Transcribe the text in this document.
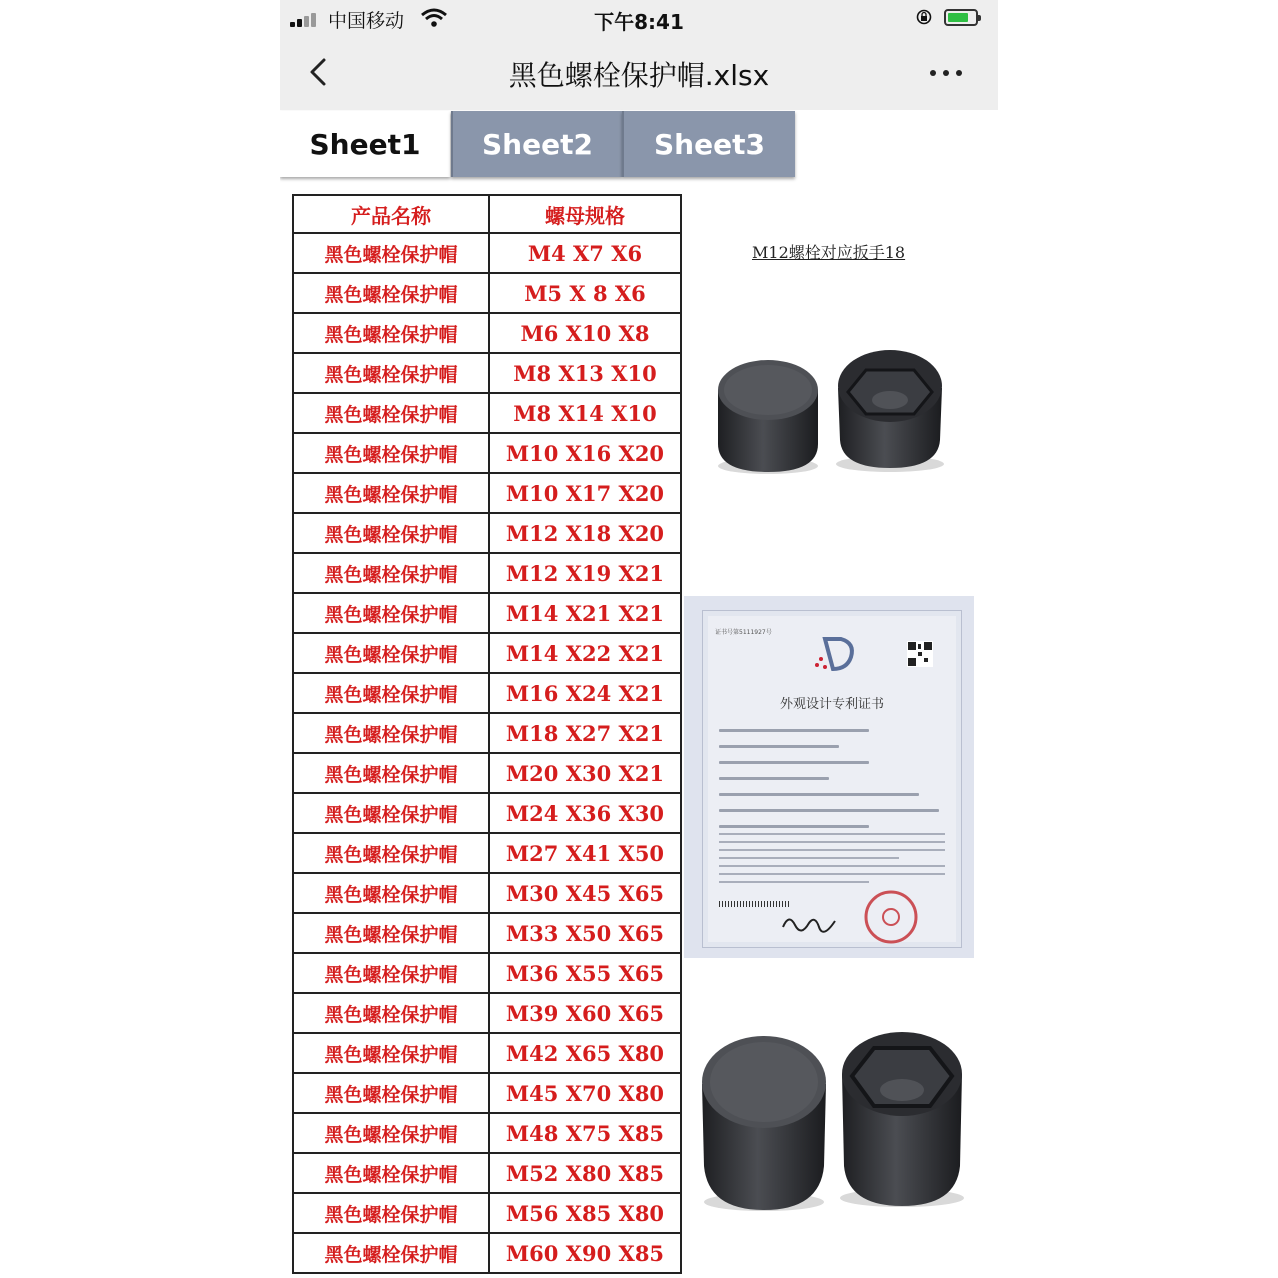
中国移动	下午8:41
黑色螺栓保护帽.xlsx
Sheet1	Sheet2	Sheet3
产品名称	螺母规格
黑色螺栓保护帽	M4 X7 X6
黑色螺栓保护帽	M5 X 8 X6
黑色螺栓保护帽	M6 X10 X8
黑色螺栓保护帽	M8 X13 X10
黑色螺栓保护帽	M8 X14 X10
黑色螺栓保护帽	M10 X16 X20
黑色螺栓保护帽	M10 X17 X20
黑色螺栓保护帽	M12 X18 X20
黑色螺栓保护帽	M12 X19 X21
黑色螺栓保护帽	M14 X21 X21
黑色螺栓保护帽	M14 X22 X21
黑色螺栓保护帽	M16 X24 X21
黑色螺栓保护帽	M18 X27 X21
黑色螺栓保护帽	M20 X30 X21
黑色螺栓保护帽	M24 X36 X30
黑色螺栓保护帽	M27 X41 X50
黑色螺栓保护帽	M30 X45 X65
黑色螺栓保护帽	M33 X50 X65
黑色螺栓保护帽	M36 X55 X65
黑色螺栓保护帽	M39 X60 X65
黑色螺栓保护帽	M42 X65 X80
黑色螺栓保护帽	M45 X70 X80
黑色螺栓保护帽	M48 X75 X85
黑色螺栓保护帽	M52 X80 X85
黑色螺栓保护帽	M56 X85 X80
黑色螺栓保护帽	M60 X90 X85
M12螺栓对应扳手18
证书号第5111927号
外观设计专利证书
